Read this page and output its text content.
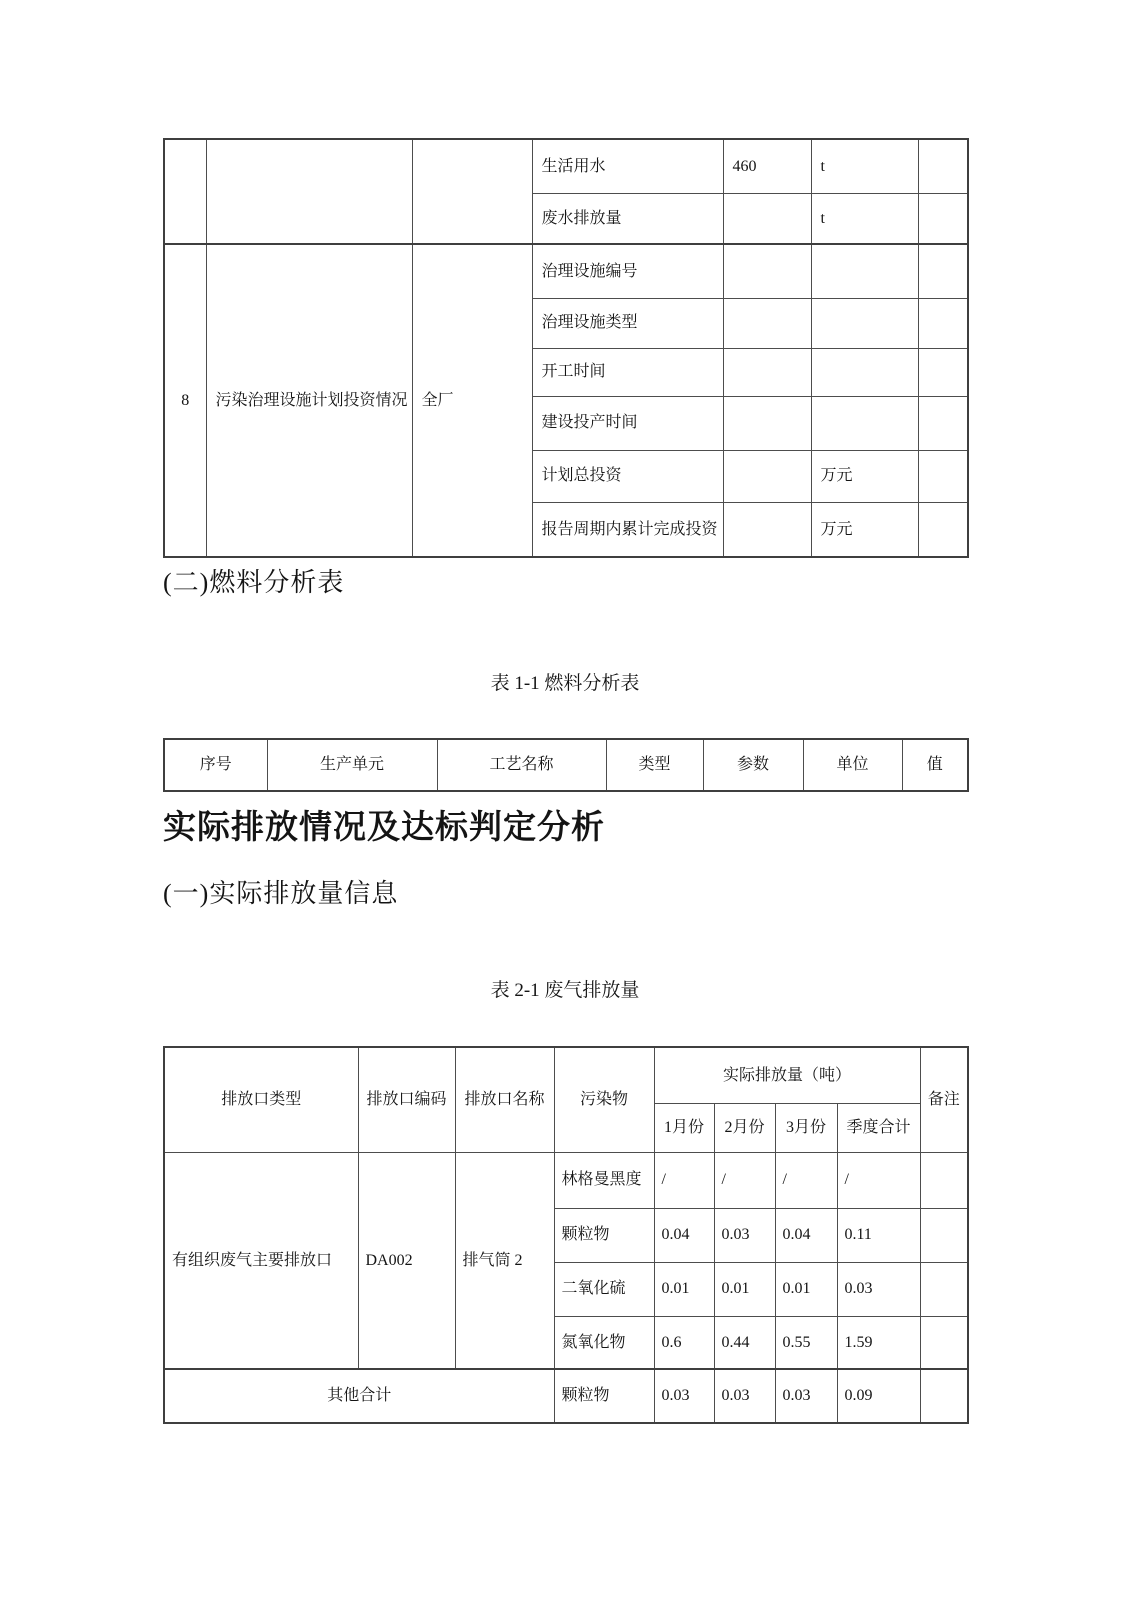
			生活用水	460	t	
			废水排放量		t	
8	污染治理设施计划投资情况	全厂	治理设施编号			
			治理设施类型			
			开工时间			
			建设投产时间			
			计划总投资		万元	
			报告周期内累计完成投资		万元	
(二)燃料分析表
表 1-1 燃料分析表
序号	生产单元	工艺名称	类型	参数	单位	值
实际排放情况及达标判定分析
(一)实际排放量信息
表 2-1 废气排放量
排放口类型	排放口编码	排放口名称	污染物	实际排放量（吨）				备注
				1月份	2月份	3月份	季度合计	
有组织废气主要排放口	DA002	排气筒 2	林格曼黑度	/	/	/	/	
			颗粒物	0.04	0.03	0.04	0.11	
			二氧化硫	0.01	0.01	0.01	0.03	
			氮氧化物	0.6	0.44	0.55	1.59	
其他合计			颗粒物	0.03	0.03	0.03	0.09	
